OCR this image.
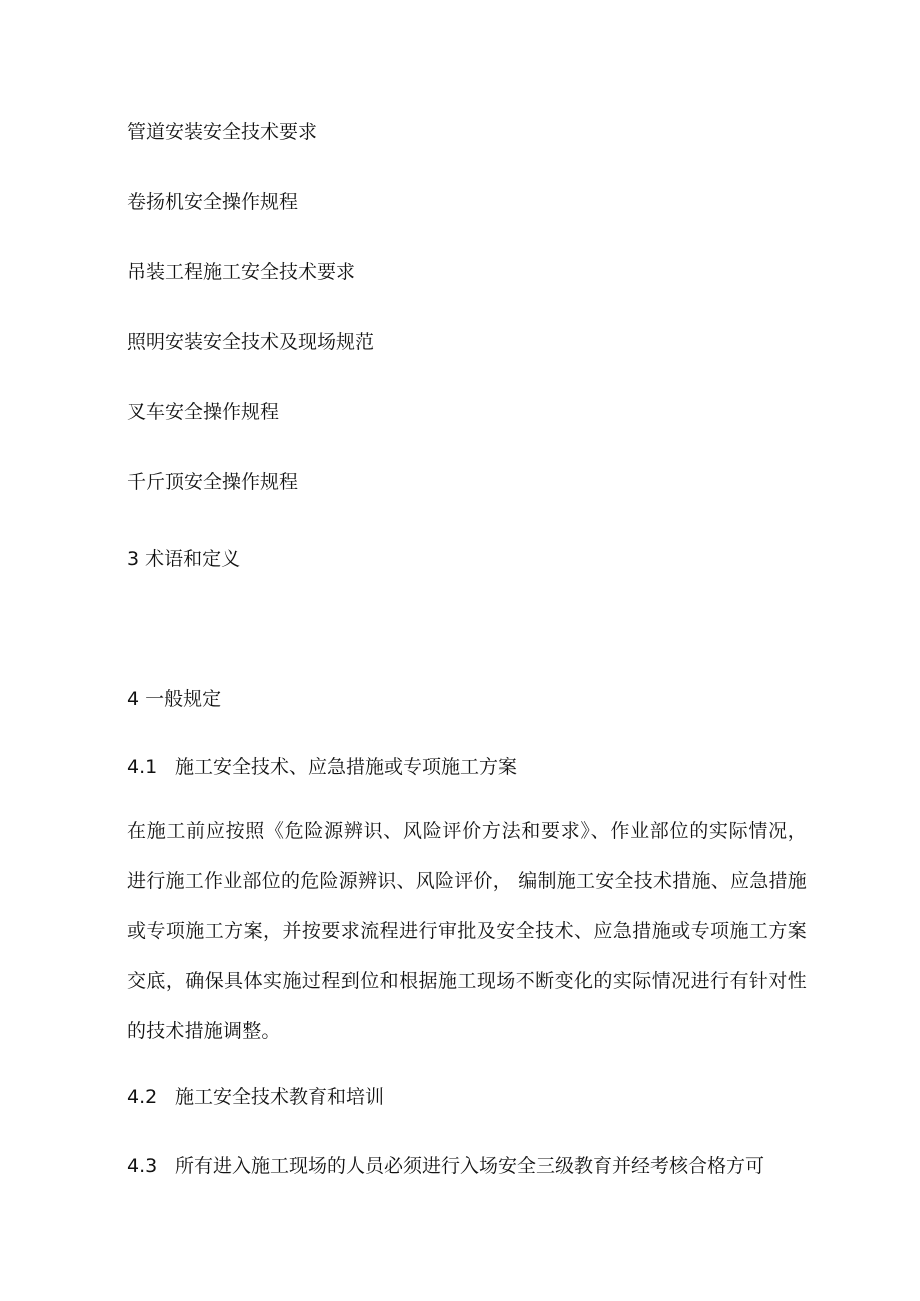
管道安装安全技术要求
卷扬机安全操作规程
吊装工程施工安全技术要求
照明安装安全技术及现场规范
叉车安全操作规程
千斤顶安全操作规程
3 术语和定义
4 一般规定
4.1 施工安全技术、应急措施或专项施工方案
在施工前应按照《危险源辨识、风险评价方法和要求》、作业部位的实际情况，进行施工作业部位的危险源辨识、风险评价， 编制施工安全技术措施、应急措施或专项施工方案，并按要求流程进行审批及安全技术、应急措施或专项施工方案交底，确保具体实施过程到位和根据施工现场不断变化的实际情况进行有针对性的技术措施调整。
4.2 施工安全技术教育和培训
4.3 所有进入施工现场的人员必须进行入场安全三级教育并经考核合格方可
